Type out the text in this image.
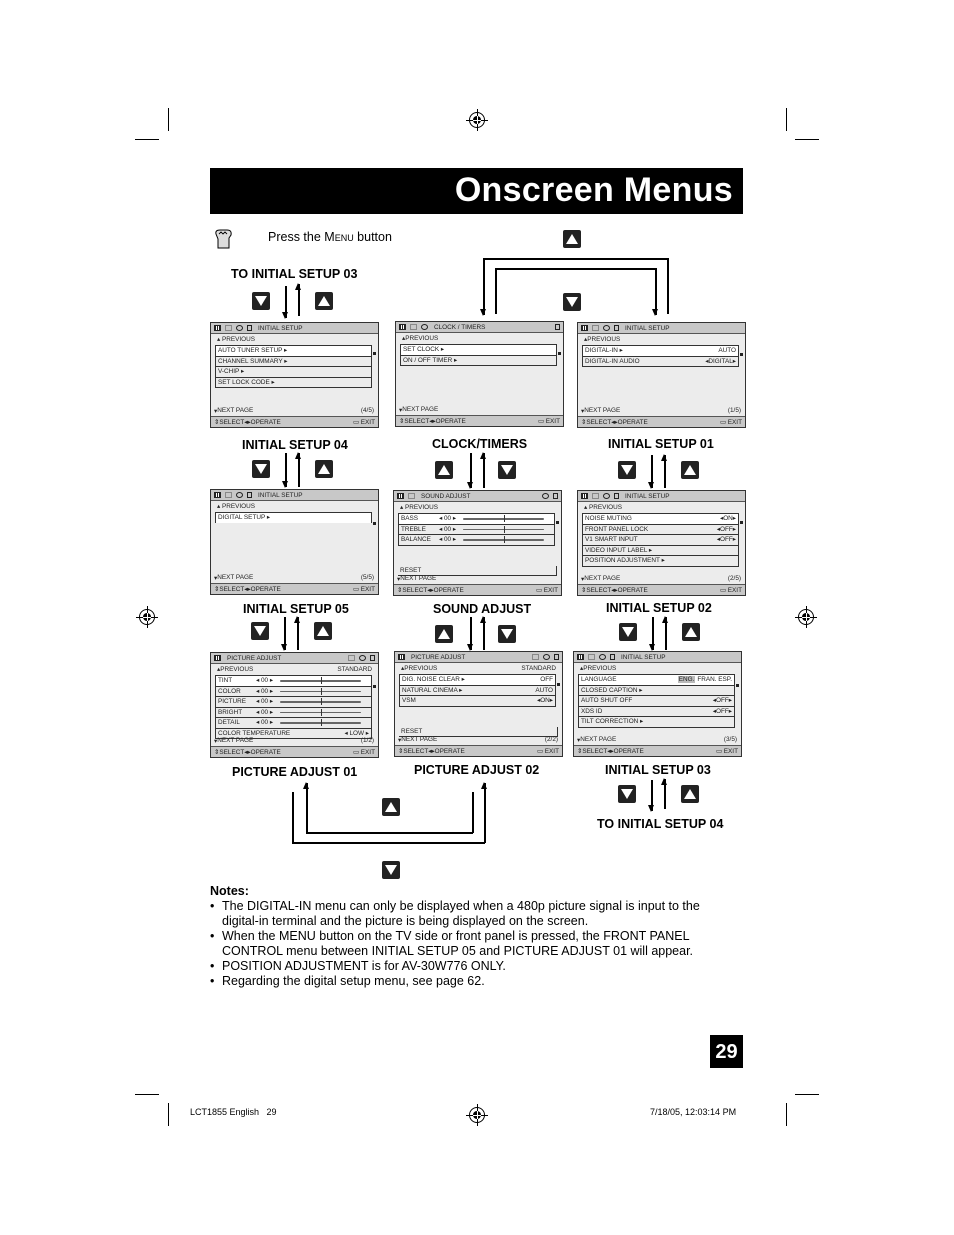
Onscreen Menus
Press the Menu button
TO INITIAL SETUP 03
INITIAL SETUP
▴ PREVIOUS
AUTO TUNER SETUP ▸
CHANNEL SUMMARY ▸
V-CHIP ▸
SET LOCK CODE ▸
▾ NEXT PAGE	(4/5)
⇕ SELECT ◂▸ OPERATE	▭ EXIT
CLOCK / TIMERS
▴PREVIOUS
SET CLOCK ▸
ON / OFF TIMER ▸
▾ NEXT PAGE
⇕ SELECT ◂▸ OPERATE	▭ EXIT
INITIAL SETUP
▴PREVIOUS
DIGITAL-IN ▸	AUTO
DIGITAL-IN AUDIO	◂DIGITAL▸
▾ NEXT PAGE	(1/5)
⇕ SELECT ◂▸ OPERATE	▭ EXIT
INITIAL SETUP 04	CLOCK/TIMERS	INITIAL SETUP 01
INITIAL SETUP
▴ PREVIOUS
DIGITAL SETUP ▸
▾ NEXT PAGE	(5/5)
⇕ SELECT ◂▸ OPERATE	▭ EXIT
SOUND ADJUST
▴ PREVIOUS
BASS	◂ 00 ▸
TREBLE	◂ 00 ▸
BALANCE	◂ 00 ▸
RESET
▾ NEXT PAGE
⇕ SELECT ◂▸ OPERATE	▭ EXIT
INITIAL SETUP
▴ PREVIOUS
NOISE MUTING	◂ON▸
FRONT PANEL LOCK	◂OFF▸
V1 SMART INPUT	◂OFF▸
VIDEO INPUT LABEL ▸
POSITION ADJUSTMENT ▸
▾ NEXT PAGE	(2/5)
⇕ SELECT ◂▸ OPERATE	▭ EXIT
INITIAL SETUP 05	SOUND ADJUST	INITIAL SETUP 02
PICTURE ADJUST
▴ PREVIOUS	STANDARD
TINT	◂ 00 ▸
COLOR	◂ 00 ▸
PICTURE	◂ 00 ▸
BRIGHT	◂ 00 ▸
DETAIL	◂ 00 ▸
COLOR TEMPERATURE	◂ LOW ▸
▾ NEXT PAGE	(1/2)
⇕ SELECT ◂▸ OPERATE	▭ EXIT
PICTURE ADJUST
▴ PREVIOUS	STANDARD
DIG. NOISE CLEAR ▸	OFF
NATURAL CINEMA ▸	AUTO
VSM	◂ON▸
RESET
▾ NEXT PAGE	(2/2)
⇕ SELECT ◂▸ OPERATE	▭ EXIT
INITIAL SETUP
▴PREVIOUS
LANGUAGE	ENG. FRAN. ESP.
CLOSED CAPTION ▸
AUTO SHUT OFF	◂OFF▸
XDS ID	◂OFF▸
TILT CORRECTION ▸
▾ NEXT PAGE	(3/5)
⇕ SELECT ◂▸ OPERATE	▭ EXIT
PICTURE ADJUST 01	PICTURE ADJUST 02	INITIAL SETUP 03
TO INITIAL SETUP 04
Notes:
• The DIGITAL-IN menu can only be displayed when a 480p picture signal is input to the digital-in terminal and the picture is being displayed on the screen.
• When the MENU button on the TV side or front panel is pressed, the FRONT PANEL CONTROL menu between INITIAL SETUP 05 and PICTURE ADJUST 01 will appear.
• POSITION ADJUSTMENT is for AV-30W776 ONLY.
• Regarding the digital setup menu, see page 62.
29
LCT1855 English   29	7/18/05, 12:03:14 PM
